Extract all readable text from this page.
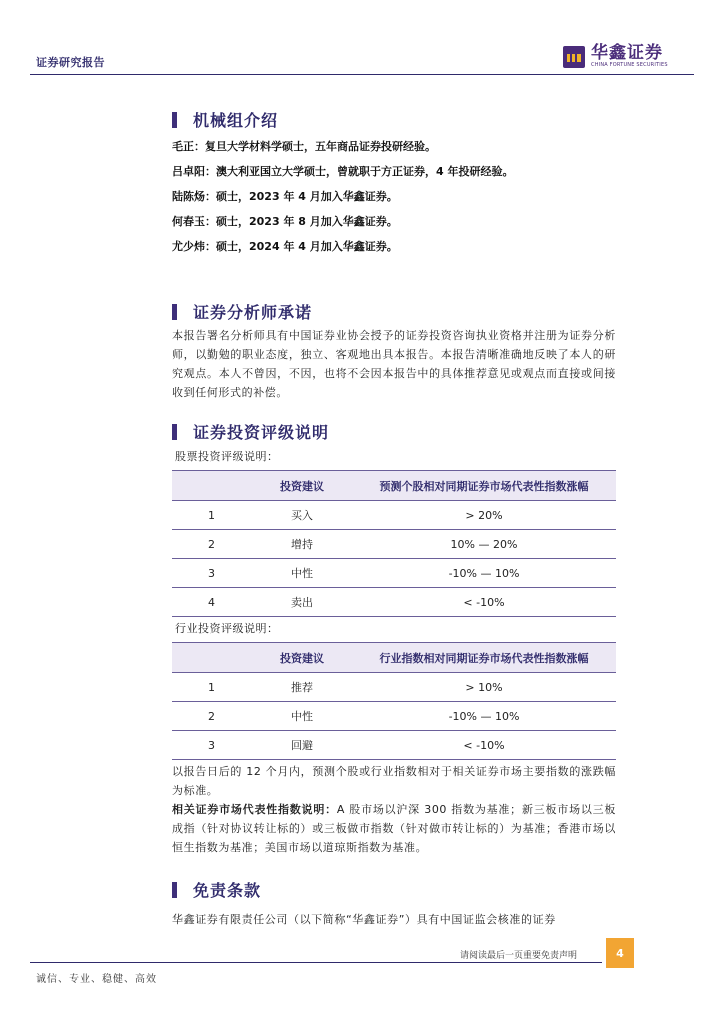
证券研究报告	华鑫证券
CHINA FORTUNE SECURITIES
机械组介绍
毛正：复旦大学材料学硕士，五年商品证券投研经验。
吕卓阳：澳大利亚国立大学硕士，曾就职于方正证券，4 年投研经验。
陆陈炀：硕士，2023 年 4 月加入华鑫证券。
何春玉：硕士，2023 年 8 月加入华鑫证券。
尤少炜：硕士，2024 年 4 月加入华鑫证券。
证券分析师承诺
本报告署名分析师具有中国证券业协会授予的证券投资咨询执业资格并注册为证券分析师，以勤勉的职业态度，独立、客观地出具本报告。本报告清晰准确地反映了本人的研究观点。本人不曾因，不因，也将不会因本报告中的具体推荐意见或观点而直接或间接收到任何形式的补偿。
证券投资评级说明
股票投资评级说明：
	投资建议	预测个股相对同期证券市场代表性指数涨幅
1	买入	> 20%
2	增持	10% — 20%
3	中性	-10% — 10%
4	卖出	< -10%
行业投资评级说明：
	投资建议	行业指数相对同期证券市场代表性指数涨幅
1	推荐	> 10%
2	中性	-10% — 10%
3	回避	< -10%
以报告日后的 12 个月内，预测个股或行业指数相对于相关证券市场主要指数的涨跌幅为标准。
相关证券市场代表性指数说明：A 股市场以沪深 300 指数为基准；新三板市场以三板成指（针对协议转让标的）或三板做市指数（针对做市转让标的）为基准；香港市场以恒生指数为基准；美国市场以道琼斯指数为基准。
免责条款
华鑫证券有限责任公司（以下简称“华鑫证券”）具有中国证监会核准的证券
请阅读最后一页重要免责声明	4
诚信、专业、稳健、高效
